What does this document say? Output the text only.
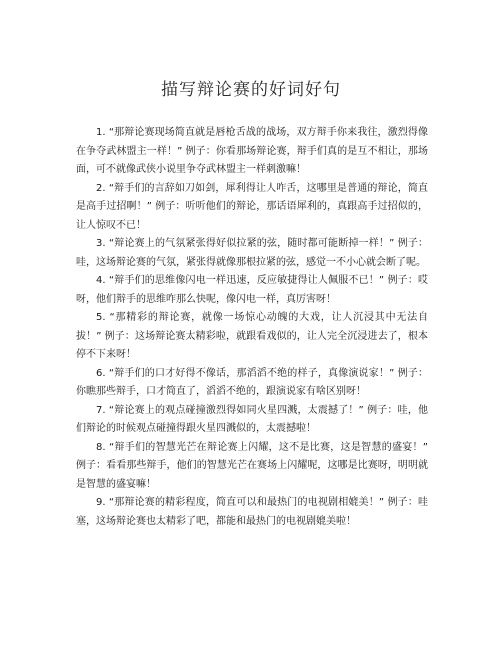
描写辩论赛的好词好句

1. “那辩论赛现场简直就是唇枪舌战的战场，双方辩手你来我往，激烈得像在争夺武林盟主一样！” 例子：你看那场辩论赛，辩手们真的是互不相让，那场面，可不就像武侠小说里争夺武林盟主一样刺激嘛！

2. “辩手们的言辞如刀如剑，犀利得让人咋舌，这哪里是普通的辩论，简直是高手过招啊！” 例子：听听他们的辩论，那话语犀利的，真跟高手过招似的，让人惊叹不已！

3. “辩论赛上的气氛紧张得好似拉紧的弦，随时都可能断掉一样！” 例子：哇，这场辩论赛的气氛，紧张得就像那根拉紧的弦，感觉一不小心就会断了呢。

4. “辩手们的思维像闪电一样迅速，反应敏捷得让人佩服不已！” 例子：哎呀，他们辩手的思维咋那么快呢，像闪电一样，真厉害呀！

5. “那精彩的辩论赛，就像一场惊心动魄的大戏，让人沉浸其中无法自拔！” 例子：这场辩论赛太精彩啦，就跟看戏似的，让人完全沉浸进去了，根本停不下来呀！

6. “辩手们的口才好得不像话，那滔滔不绝的样子，真像演说家！” 例子：你瞧那些辩手，口才简直了，滔滔不绝的，跟演说家有啥区别呀！

7. “辩论赛上的观点碰撞激烈得如同火星四溅，太震撼了！” 例子：哇，他们辩论的时候观点碰撞得跟火星四溅似的，太震撼啦！

8. “辩手们的智慧光芒在辩论赛上闪耀，这不是比赛，这是智慧的盛宴！” 例子：看看那些辩手，他们的智慧光芒在赛场上闪耀呢，这哪是比赛呀，明明就是智慧的盛宴嘛！

9. “那辩论赛的精彩程度，简直可以和最热门的电视剧相媲美！” 例子：哇塞，这场辩论赛也太精彩了吧，都能和最热门的电视剧媲美啦！
